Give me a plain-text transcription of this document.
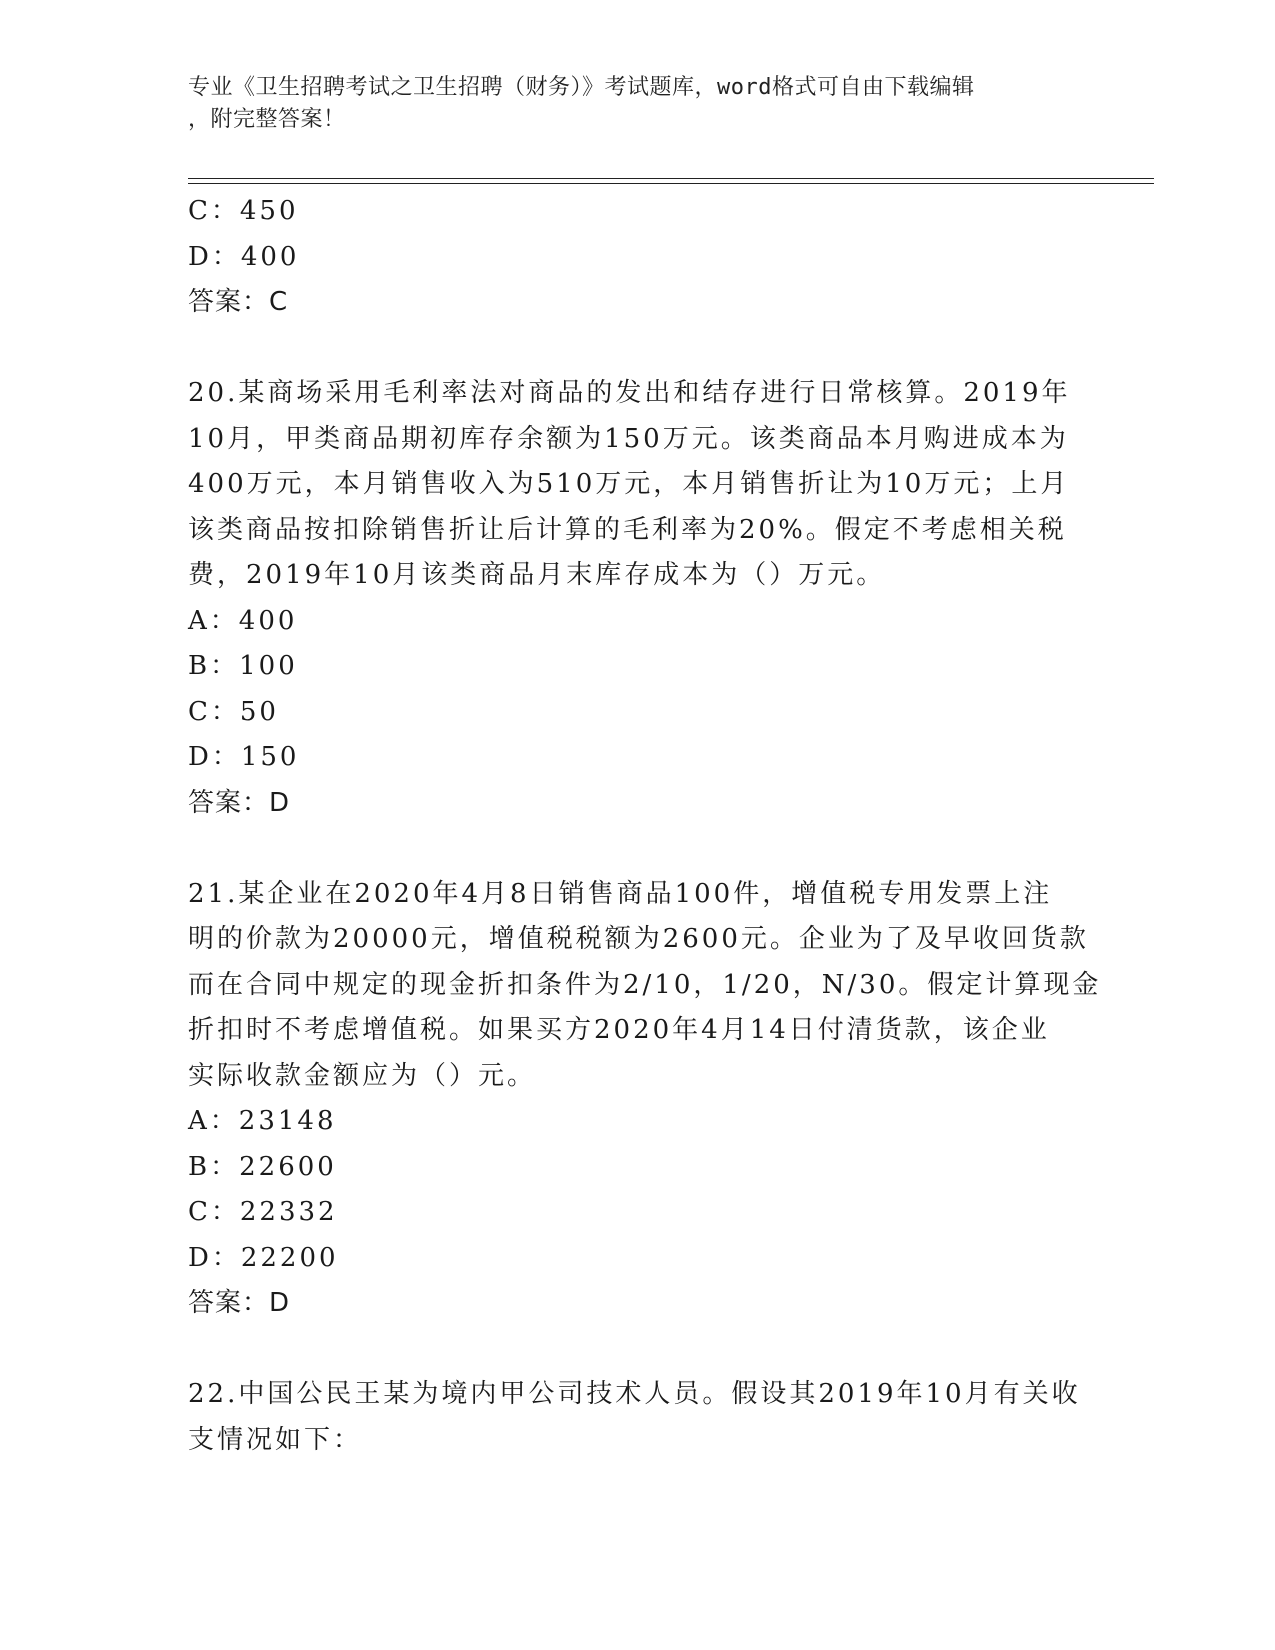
专业《卫生招聘考试之卫生招聘（财务）》考试题库，word格式可自由下载编辑
，附完整答案！
C：450
D：400
答案：C
20.某商场采用毛利率法对商品的发出和结存进行日常核算。2019年
10月，甲类商品期初库存余额为150万元。该类商品本月购进成本为
400万元，本月销售收入为510万元，本月销售折让为10万元；上月
该类商品按扣除销售折让后计算的毛利率为20%。假定不考虑相关税
费，2019年10月该类商品月末库存成本为（）万元。
A：400
B：100
C：50
D：150
答案：D
21.某企业在2020年4月8日销售商品100件，增值税专用发票上注
明的价款为20000元，增值税税额为2600元。企业为了及早收回货款
而在合同中规定的现金折扣条件为2/10，1/20，N/30。假定计算现金
折扣时不考虑增值税。如果买方2020年4月14日付清货款，该企业
实际收款金额应为（）元。
A：23148
B：22600
C：22332
D：22200
答案：D
22.中国公民王某为境内甲公司技术人员。假设其2019年10月有关收
支情况如下：
